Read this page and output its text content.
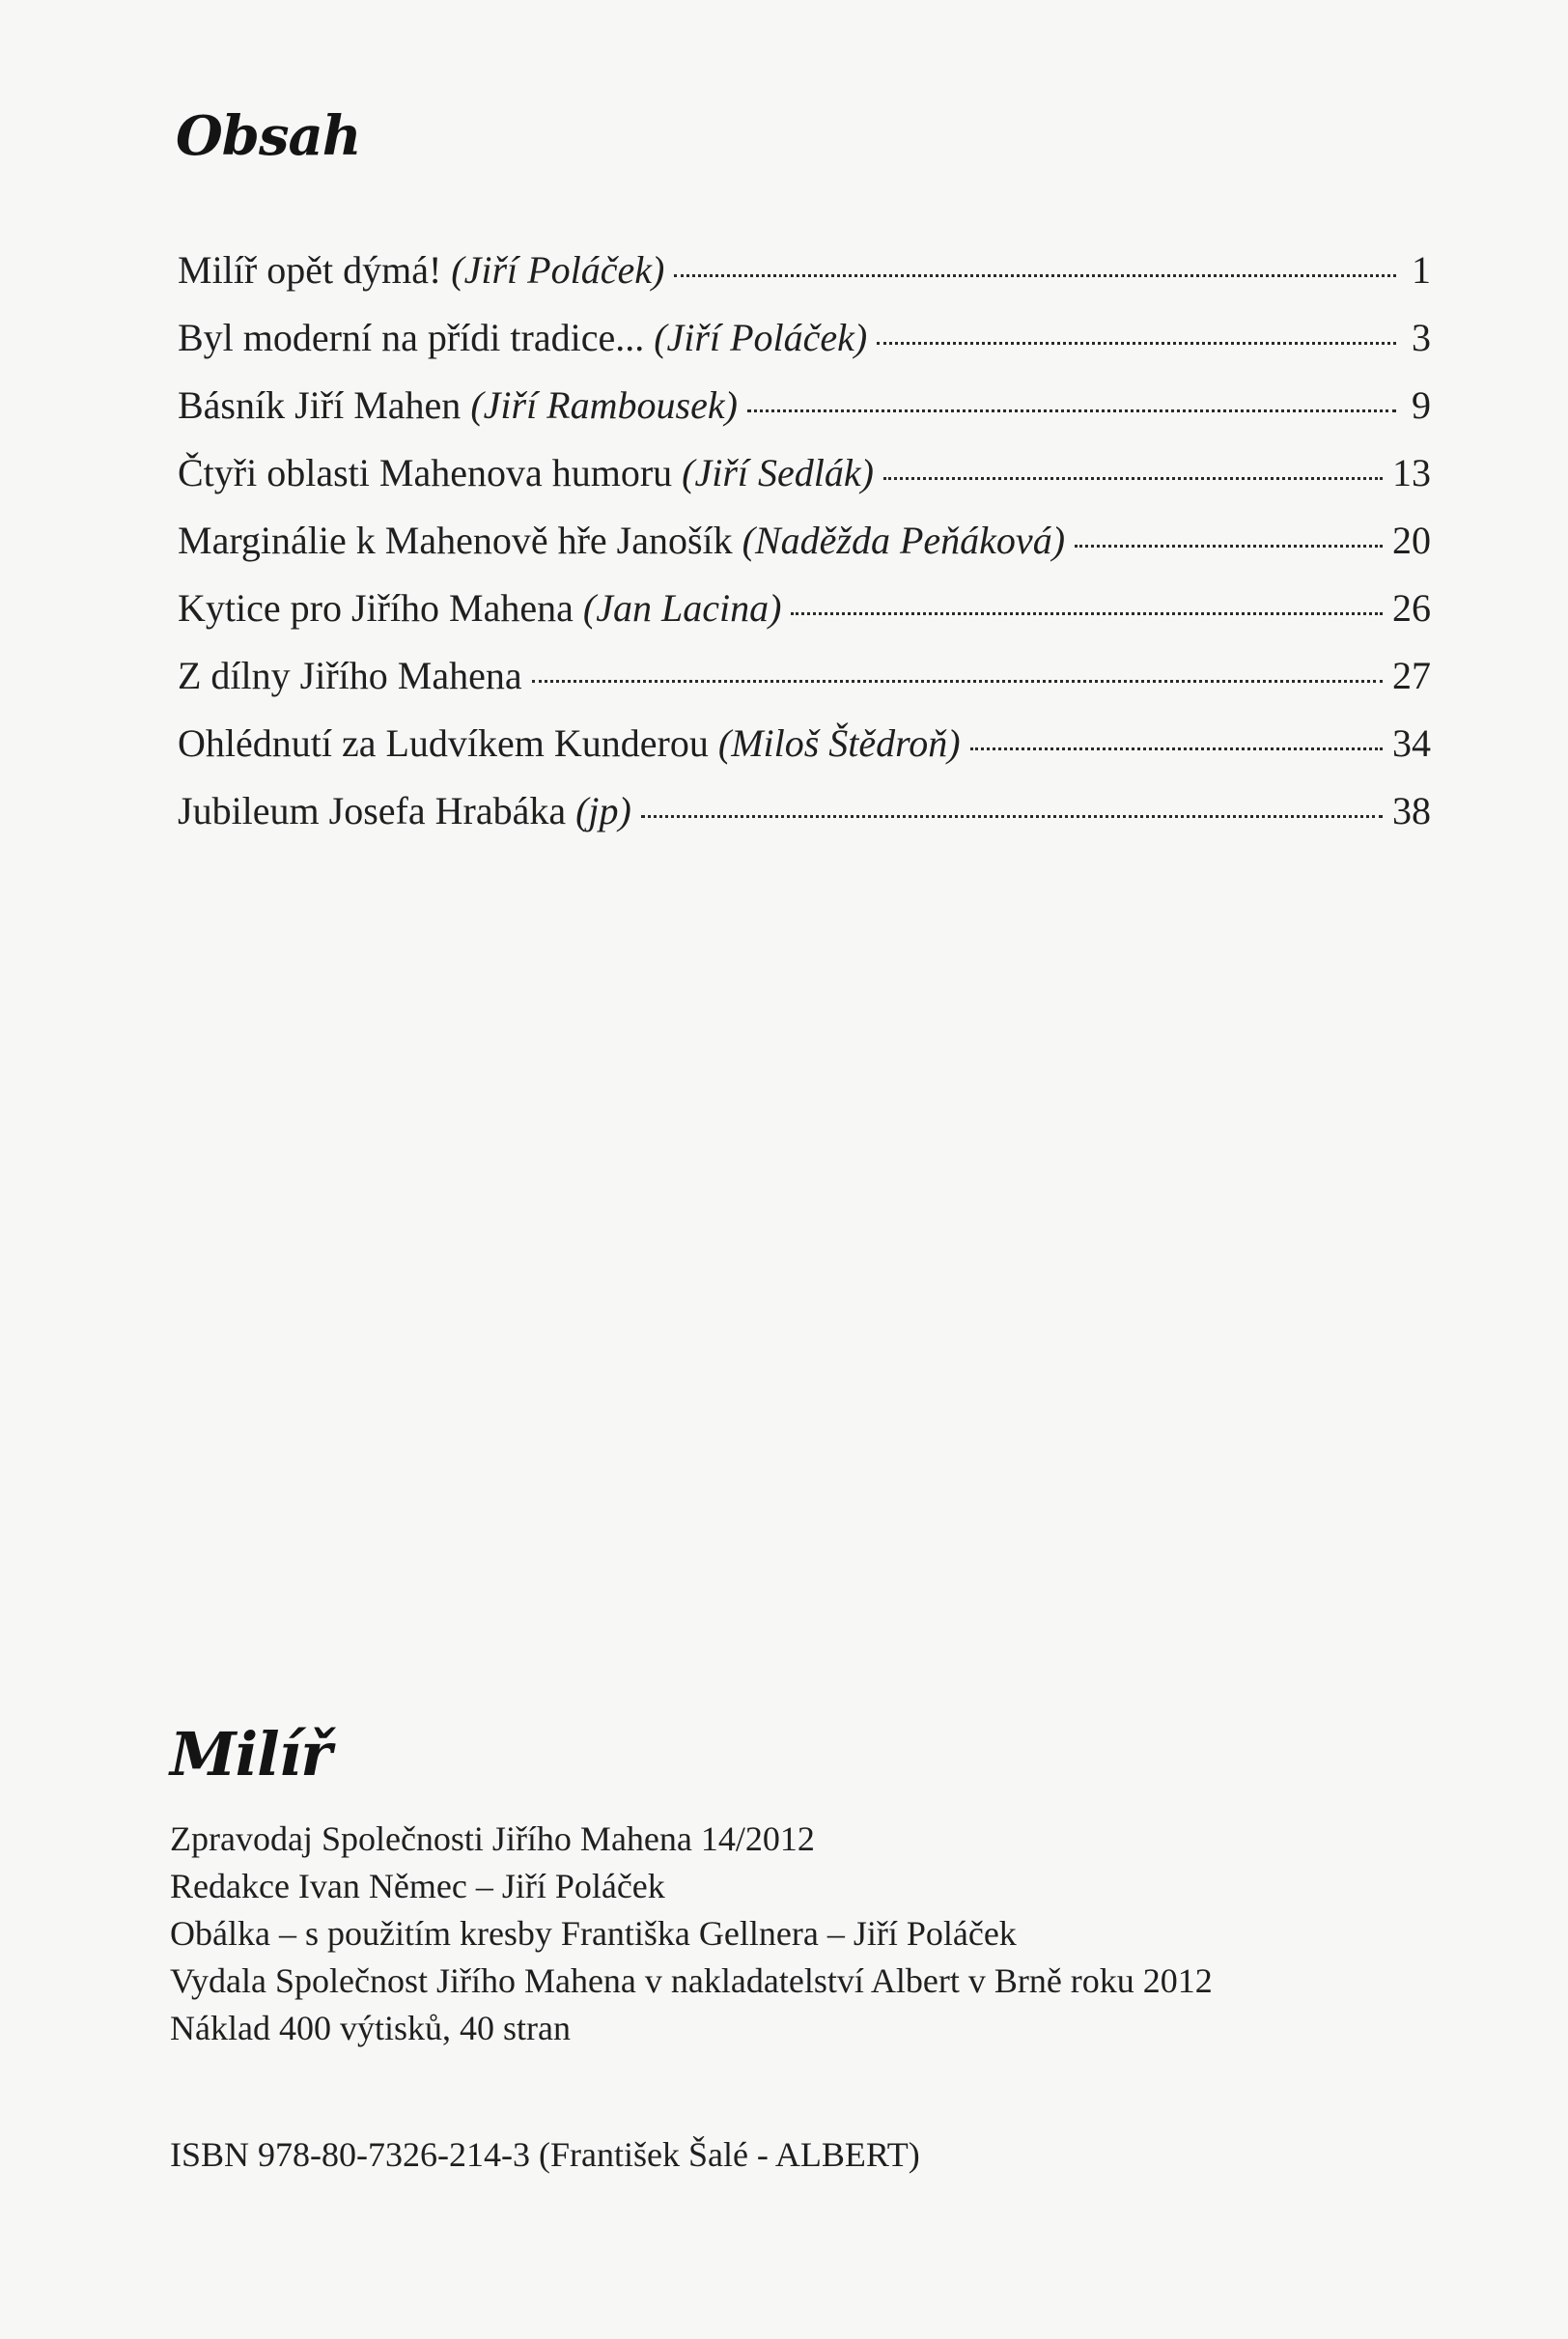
Obsah
Milíř opět dýmá! (Jiří Poláček)	1
Byl moderní na přídi tradice... (Jiří Poláček)	3
Básník Jiří Mahen (Jiří Rambousek)	9
Čtyři oblasti Mahenova humoru (Jiří Sedlák)	13
Marginálie k Mahenově hře Janošík (Naděžda Peňáková)	20
Kytice pro Jiřího Mahena (Jan Lacina)	26
Z dílny Jiřího Mahena	27
Ohlédnutí za Ludvíkem Kunderou (Miloš Štědroň)	34
Jubileum Josefa Hrabáka (jp)	38
Milíř
Zpravodaj Společnosti Jiřího Mahena 14/2012
Redakce Ivan Němec – Jiří Poláček
Obálka – s použitím kresby Františka Gellnera – Jiří Poláček
Vydala Společnost Jiřího Mahena v nakladatelství Albert v Brně roku 2012
Náklad 400 výtisků, 40 stran
ISBN 978-80-7326-214-3 (František Šalé - ALBERT)
